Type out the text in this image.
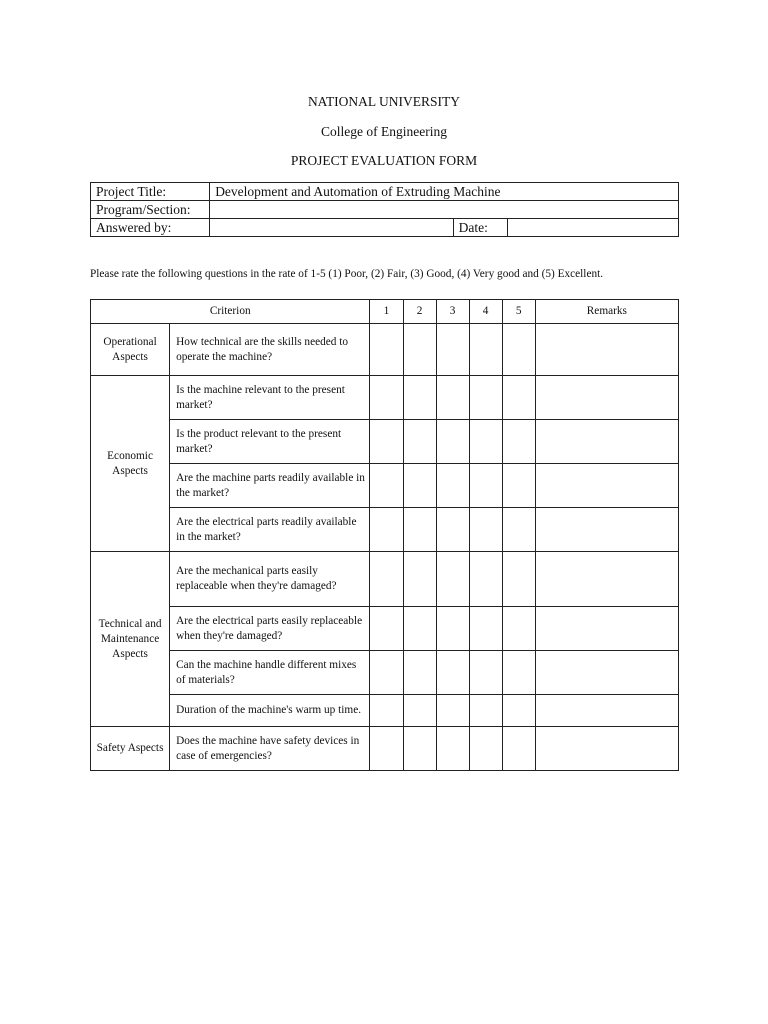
NATIONAL UNIVERSITY
College of Engineering
PROJECT EVALUATION FORM
Project Title:	Development and Automation of Extruding Machine		
Program/Section:			
Answered by:		Date:	
Please rate the following questions in the rate of 1-5 (1) Poor, (2) Fair, (3) Good, (4) Very good and (5) Excellent.
Criterion		1	2	3	4	5	Remarks
Operational Aspects	How technical are the skills needed to operate the machine?						
Economic Aspects	Is the machine relevant to the present market?						
	Is the product relevant to the present market?						
	Are the machine parts readily available in the market?						
	Are the electrical parts readily available in the market?						
Technical and Maintenance Aspects	Are the mechanical parts easily replaceable when they're damaged?						
	Are the electrical parts easily replaceable when they're damaged?						
	Can the machine handle different mixes of materials?						
	Duration of the machine's warm up time.						
Safety Aspects	Does the machine have safety devices in case of emergencies?						
